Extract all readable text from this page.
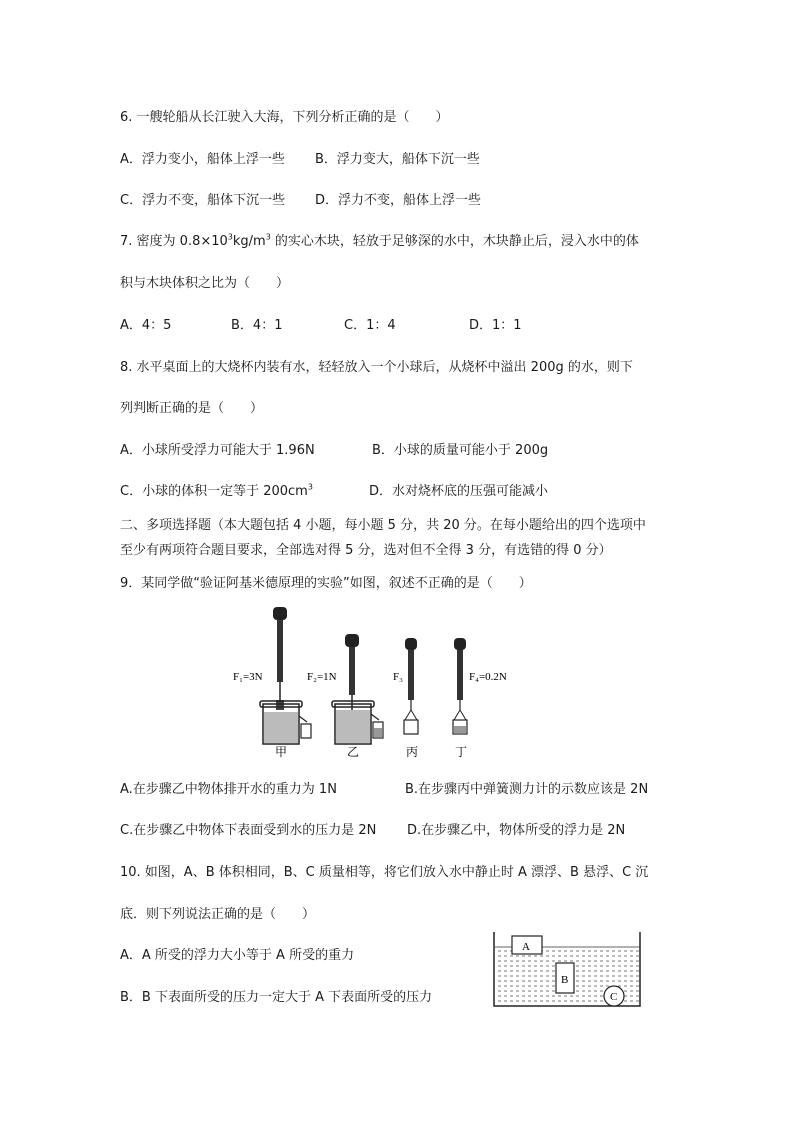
6. 一艘轮船从长江驶入大海，下列分析正确的是（　　）
A．浮力变小，船体上浮一些 B．浮力变大，船体下沉一些
C．浮力不变，船体下沉一些 D．浮力不变，船体上浮一些
7. 密度为 $0.8\times 10^3kg/m^3$ 的实心木块，轻放于足够深的水中，木块静止后，浸入水中的体
积与木块体积之比为（　　）
A．4：5	B．4：1	C．1：4	D．1：1
8. 水平桌面上的大烧杯内装有水，轻轻放入一个小球后，从烧杯中溢出 200g 的水，则下
列判断正确的是（　　）
A．小球所受浮力可能大于 1.96N	B．小球的质量可能小于 200g
C．小球的体积一定等于 $200cm^3$	D．水对烧杯底的压强可能减小
二、多项选择题（本大题包括 4 小题，每小题 5 分，共 20 分。在每小题给出的四个选项中
至少有两项符合题目要求，全部选对得 5 分，选对但不全得 3 分，有选错的得 0 分）
9．某同学做“验证阿基米德原理的实验”如图，叙述不正确的是（　　）
F₁=3N
甲
F₂=1N
乙
F₃
丙
F₄=0.2N
丁
A.在步骤乙中物体排开水的重力为 1N	B.在步骤丙中弹簧测力计的示数应该是 2N
C.在步骤乙中物体下表面受到水的压力是 2N D.在步骤乙中，物体所受的浮力是 2N
10. 如图，A、B 体积相同，B、C 质量相等，将它们放入水中静止时 A 漂浮、B 悬浮、C 沉
底．则下列说法正确的是（　　）
A．A 所受的浮力大小等于 A 所受的重力
B．B 下表面所受的压力一定大于 A 下表面所受的压力
A
B
C
